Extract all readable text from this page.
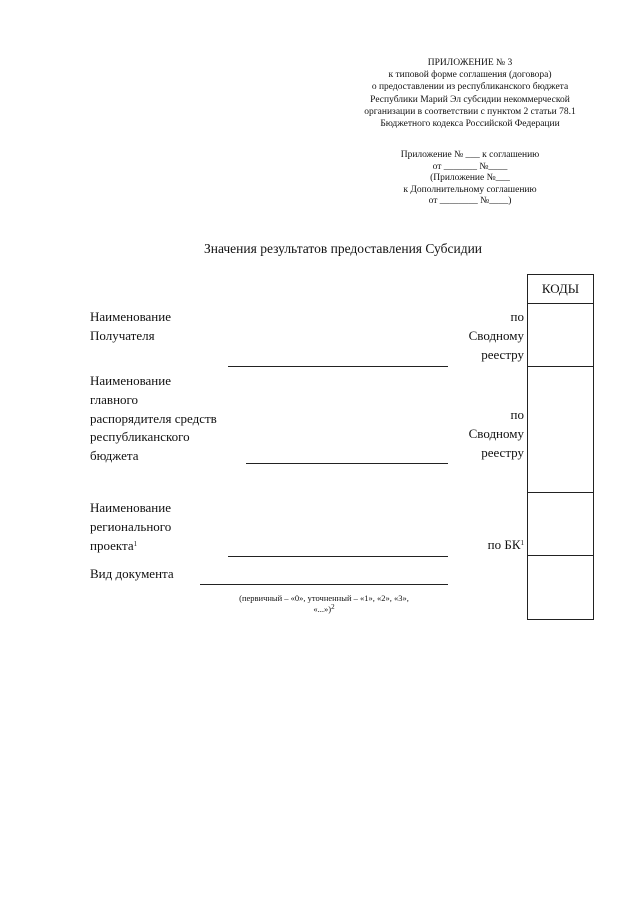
ПРИЛОЖЕНИЕ № 3
к типовой форме соглашения (договора)
о предоставлении из республиканского бюджета
Республики Марий Эл субсидии некоммерческой
организации в соответствии с пунктом 2 статьи 78.1
Бюджетного кодекса Российской Федерации
Приложение № ___ к соглашению
от _______ №____
(Приложение №___
к Дополнительному соглашению
от ________ №____)
Значения результатов предоставления Субсидии
КОДЫ
Наименование
Получателя
по
Сводному
реестру
Наименование
главного
распорядителя средств
республиканского
бюджета
по
Сводному
реестру
Наименование
регионального
проекта$^1$	по БК$^1$
Вид документа
(первичный – «0», уточненный – «1», «2», «3»,
«...»)$^2$
